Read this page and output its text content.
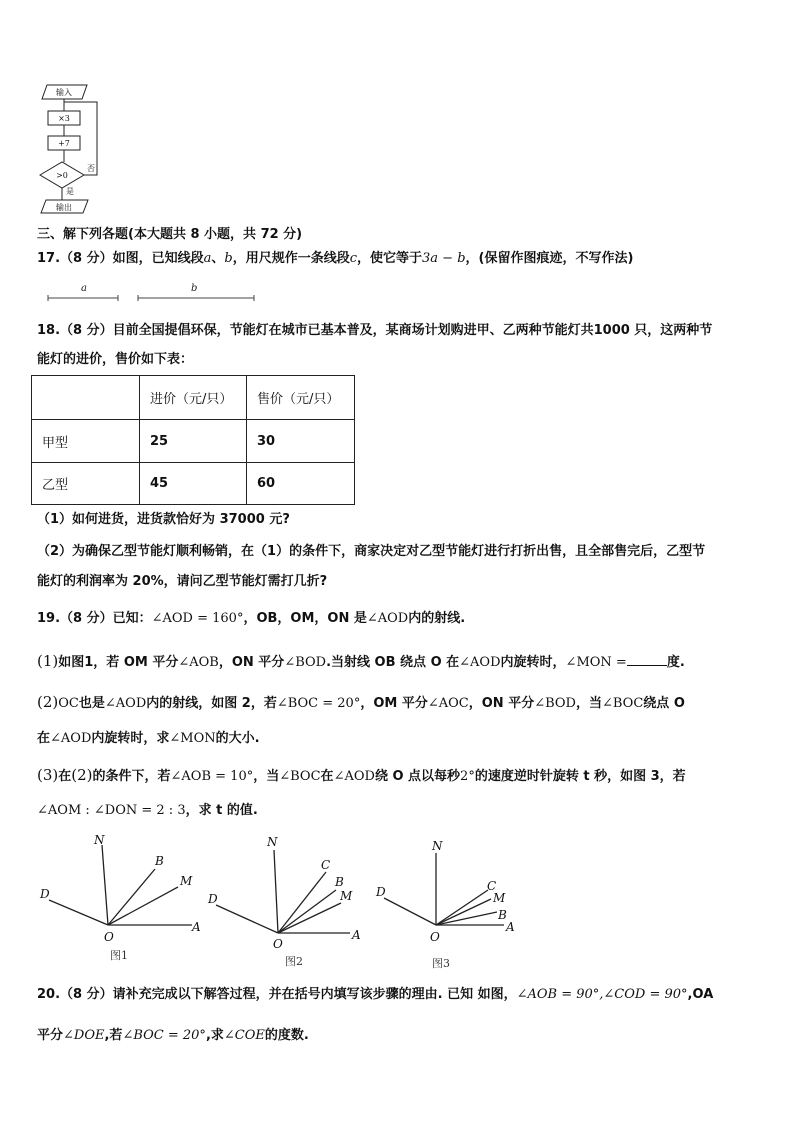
输入
×3
+7
>0
否
是
输出
三、解下列各题(本大题共 8 小题，共 72 分)
17.（8 分）如图，已知线段a、b，用尺规作一条线段c，使它等于3a − b，(保留作图痕迹，不写作法)
a	b
18.（8 分）目前全国提倡环保，节能灯在城市已基本普及，某商场计划购进甲、乙两种节能灯共1000 只，这两种节
能灯的进价，售价如下表：
	进价（元/只）	售价（元/只）
甲型	25	30
乙型	45	60
（1）如何进货，进货款恰好为 37000 元?
（2）为确保乙型节能灯顺利畅销，在（1）的条件下，商家决定对乙型节能灯进行打折出售，且全部售完后，乙型节
能灯的利润率为 20%，请问乙型节能灯需打几折?
19.（8 分）已知：∠AOD = 160°，OB，OM，ON 是∠AOD内的射线.
(1)如图1，若 OM 平分∠AOB，ON 平分∠BOD.当射线 OB 绕点 O 在∠AOD内旋转时，∠MON =	度.
(2)OC也是∠AOD内的射线，如图 2，若∠BOC = 20°，OM 平分∠AOC，ON 平分∠BOD，当∠BOC绕点 O
在∠AOD内旋转时，求∠MON的大小.
(3)在(2)的条件下，若∠AOB = 10°，当∠BOC在∠AOD绕 O 点以每秒2°的速度逆时针旋转 t 秒，如图 3，若
∠AOM : ∠DON = 2 : 3，求 t 的值.
N
B
M
D
O
A
N
C
B
M
D
O
A
N
C
M
B
D
O
A
图1	图2	图3
20.（8 分）请补充完成以下解答过程，并在括号内填写该步骤的理由. 已知 如图，∠AOB = 90°,∠COD = 90°,OA
平分∠DOE,若∠BOC = 20°,求∠COE的度数.
